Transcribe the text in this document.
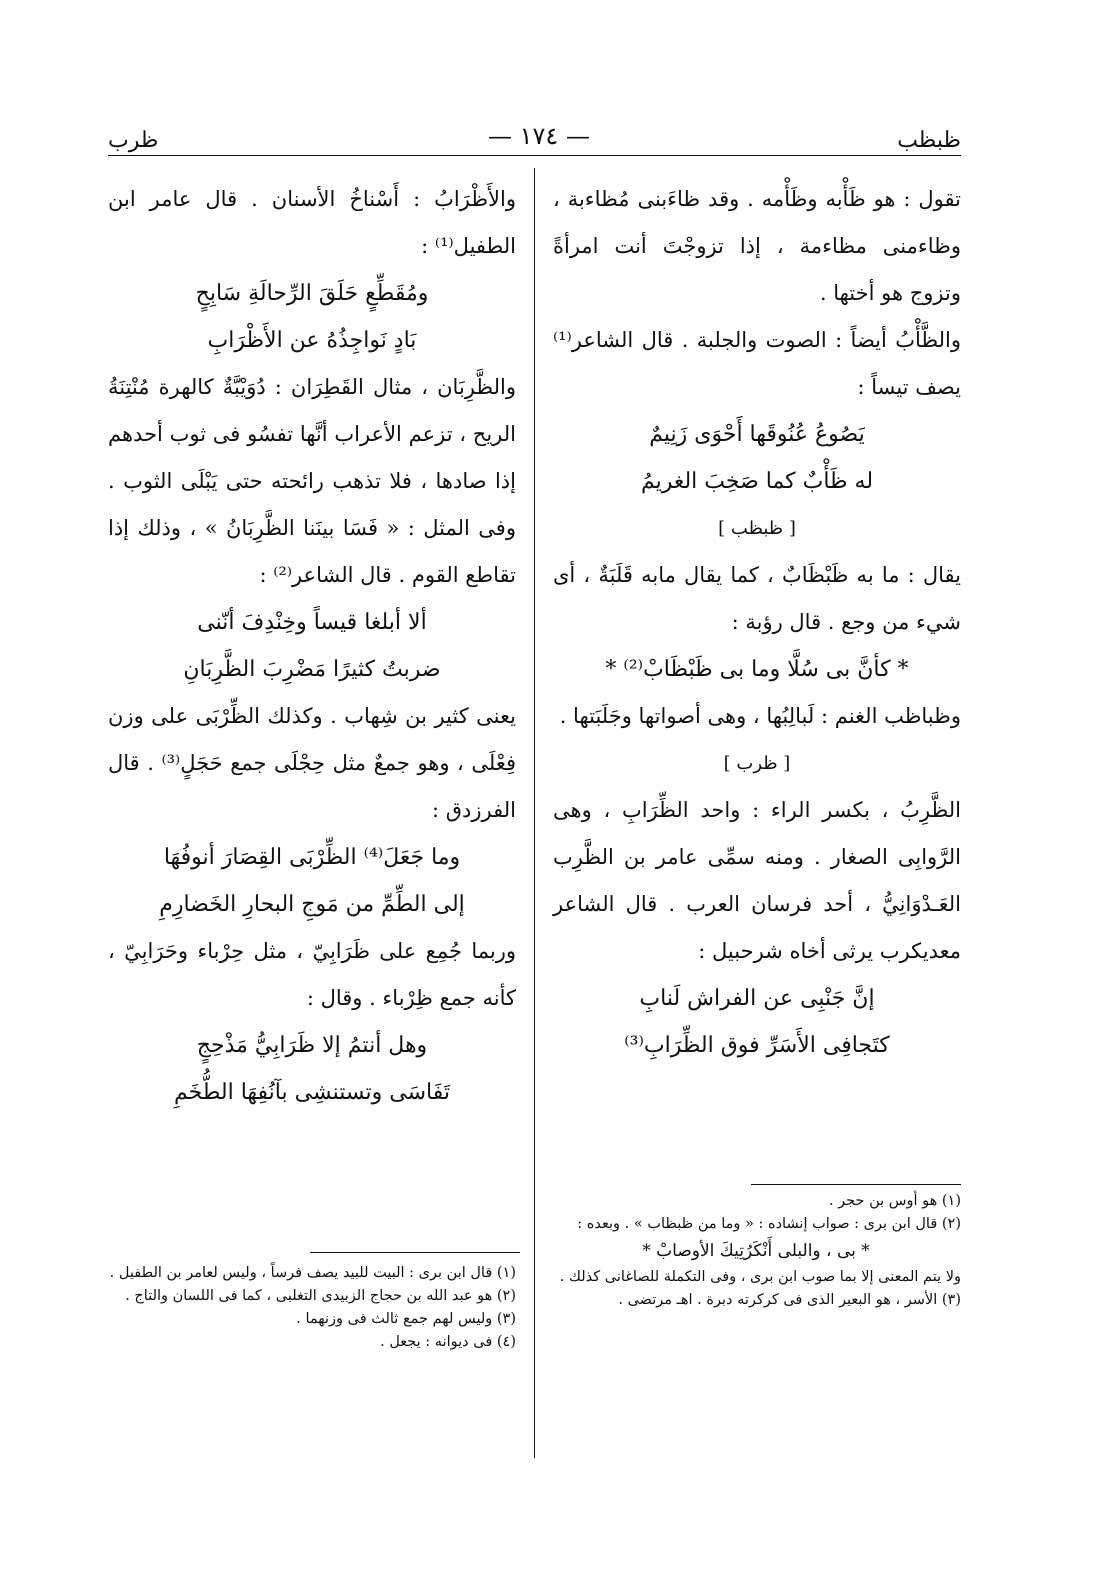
ظبظب
— ١٧٤ —
ظرب

تقول : هو ظَأْبه وظَأْمه . وقد ظاءَبنى مُظاءبة ، وظاءمنى مظاءمة ، إذا تزوجْتَ أنت امرأةً وتزوج هو أختها .

والظَّأْبُ أيضاً : الصوت والجلبة . قال الشاعر⁽¹⁾ يصف تيساً :

يَصُوعُ عُنُوقَها أَحْوَى زَنِيمٌ

له ظَأْبٌ كما صَخِبَ الغريمُ

[ ظبظب ]

يقال : ما به ظَبْظَابٌ ، كما يقال مابه قَلَبَةٌ ، أى شيء من وجع . قال رؤبة :

* كأنَّ بى سُلَّا وما بى ظَبْظَابْ⁽²⁾ *

وظباظب الغنم : لَبالِبُها ، وهى أصواتها وجَلَبَتها .

[ ظرب ]

الظَّرِبُ ، بكسر الراء : واحد الظِّرَابِ ، وهى الرَّوابِى الصغار . ومنه سمِّى عامر بن الظَّرِب العَـدْوَانِيُّ ، أحد فرسان العرب . قال الشاعر معديكرب يرثى أخاه شرحبيل :

إنَّ جَنْبِى عن الفراش لَنابِ

كتَجافِى الأَسَرِّ فوق الظِّرَابِ⁽³⁾

والأَظْرَابُ : أَسْناخُ الأسنان . قال عامر ابن الطفيل⁽¹⁾ :

ومُقَطِّعٍ حَلَقَ الرِّحالَةِ سَابِحٍ

بَادٍ نَواجِذُهُ عن الأَظْرَابِ

والظَّرِبَان ، مثال القَطِرَان : دُوَيْبَّةٌ كالهرة مُنْتِنَةُ الريح ، تزعم الأعراب أنَّها تفسُو فى ثوب أحدهم إذا صادها ، فلا تذهب رائحته حتى يَبْلَى الثوب . وفى المثل : « فَسَا بينَنا الظَّرِبَانُ » ، وذلك إذا تقاطع القوم . قال الشاعر⁽²⁾ :

ألا أبلغا قيساً وخِنْدِفَ أنّنى

ضربتُ كثيرًا مَضْرِبَ الظَّرِبَانِ

يعنى كثير بن شِهاب . وكذلك الظِّرْبَى على وزن فِعْلَى ، وهو جمعٌ مثل حِجْلَى جمع حَجَلٍ⁽³⁾ . قال الفرزدق :

وما جَعَلَ⁽⁴⁾ الظِّرْبَى القِصَارَ أنوفُهَا

إلى الطِّمِّ من مَوجِ البحارِ الخَضارِمِ

وربما جُمِع على ظَرَابِيّ ، مثل حِرْباء وحَرَابِيّ ، كأنه جمع ظِرْباء . وقال :

وهل أنتمُ إلا ظَرَابِيُّ مَذْحِجٍ

تَفَاسَى وتستنشِى بآنُفِهَا الطُّخَمِ

(١) هو أوس بن حجر .

(٢) قال ابن برى : صواب إنشاده : « وما من ظبظاب » . وبعده :

* بى ، والبلى أَنْكَرُتِيكَ الأوصابْ *

ولا يتم المعنى إلا بما صوب ابن برى ، وفى التكملة للصاغانى كذلك .

(٣) الأسر ، هو البعير الذى فى كركرته دبرة . اهـ مرتضى .

(١) قال ابن برى : البيت للبيد يصف فرساً ، وليس لعامر بن الطفيل .

(٢) هو عبد الله بن حجاج الزبيدى التغلبى ، كما فى اللسان والتاج .

(٣) وليس لهم جمع ثالث فى وزنهما .

(٤) فى ديوانه : يجعل .
